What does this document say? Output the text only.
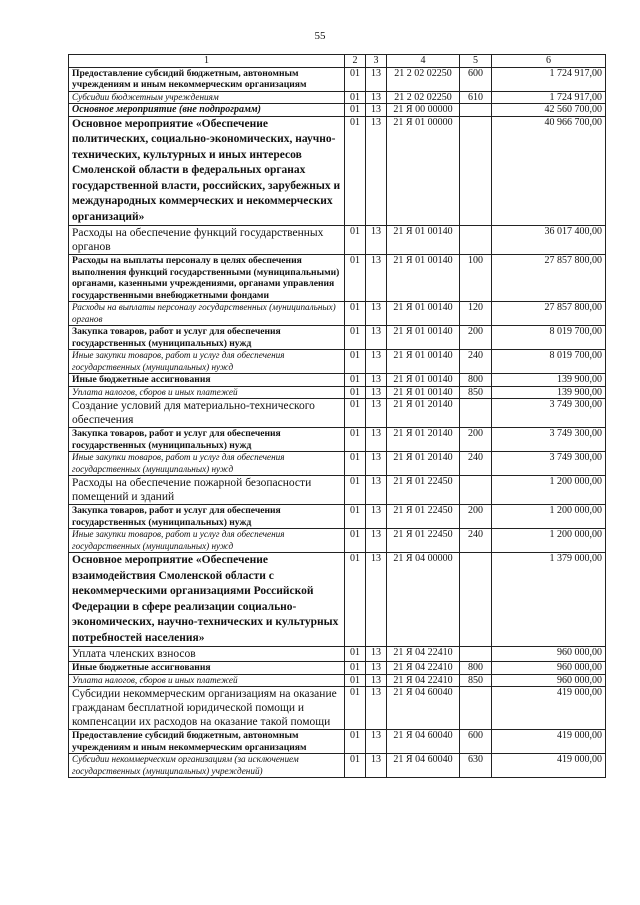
55
1	2	3	4	5	6
Предоставление субсидий бюджетным, автономным учреждениям и иным некоммерческим организациям	01	13	21 2 02 02250	600	1 724 917,00
Субсидии бюджетным учреждениям	01	13	21 2 02 02250	610	1 724 917,00
Основное мероприятие (вне подпрограмм)	01	13	21 Я 00 00000		42 560 700,00
Основное мероприятие «Обеспечение политических, социально-экономических, научно-технических, культурных и иных интересов Смоленской области в федеральных органах государственной власти, российских, зарубежных и международных коммерческих и некоммерческих организаций»	01	13	21 Я 01 00000		40 966 700,00
Расходы на обеспечение функций государственных органов	01	13	21 Я 01 00140		36 017 400,00
Расходы на выплаты персоналу в целях обеспечения выполнения функций государственными (муниципальными) органами, казенными учреждениями, органами управления государственными внебюджетными фондами	01	13	21 Я 01 00140	100	27 857 800,00
Расходы на выплаты персоналу государственных (муниципальных) органов	01	13	21 Я 01 00140	120	27 857 800,00
Закупка товаров, работ и услуг для обеспечения государственных (муниципальных) нужд	01	13	21 Я 01 00140	200	8 019 700,00
Иные закупки товаров, работ и услуг для обеспечения государственных (муниципальных) нужд	01	13	21 Я 01 00140	240	8 019 700,00
Иные бюджетные ассигнования	01	13	21 Я 01 00140	800	139 900,00
Уплата налогов, сборов и иных платежей	01	13	21 Я 01 00140	850	139 900,00
Создание условий для материально-технического обеспечения	01	13	21 Я 01 20140		3 749 300,00
Закупка товаров, работ и услуг для обеспечения государственных (муниципальных) нужд	01	13	21 Я 01 20140	200	3 749 300,00
Иные закупки товаров, работ и услуг для обеспечения государственных (муниципальных) нужд	01	13	21 Я 01 20140	240	3 749 300,00
Расходы на обеспечение пожарной безопасности помещений и зданий	01	13	21 Я 01 22450		1 200 000,00
Закупка товаров, работ и услуг для обеспечения государственных (муниципальных) нужд	01	13	21 Я 01 22450	200	1 200 000,00
Иные закупки товаров, работ и услуг для обеспечения государственных (муниципальных) нужд	01	13	21 Я 01 22450	240	1 200 000,00
Основное мероприятие «Обеспечение взаимодействия Смоленской области с некоммерческими организациями Российской Федерации в сфере реализации социально-экономических, научно-технических и культурных потребностей населения»	01	13	21 Я 04 00000		1 379 000,00
Уплата членских взносов	01	13	21 Я 04 22410		960 000,00
Иные бюджетные ассигнования	01	13	21 Я 04 22410	800	960 000,00
Уплата налогов, сборов и иных платежей	01	13	21 Я 04 22410	850	960 000,00
Субсидии некоммерческим организациям на оказание гражданам бесплатной юридической помощи и компенсации их расходов на оказание такой помощи	01	13	21 Я 04 60040		419 000,00
Предоставление субсидий бюджетным, автономным учреждениям и иным некоммерческим организациям	01	13	21 Я 04 60040	600	419 000,00
Субсидии некоммерческим организациям (за исключением государственных (муниципальных) учреждений)	01	13	21 Я 04 60040	630	419 000,00
